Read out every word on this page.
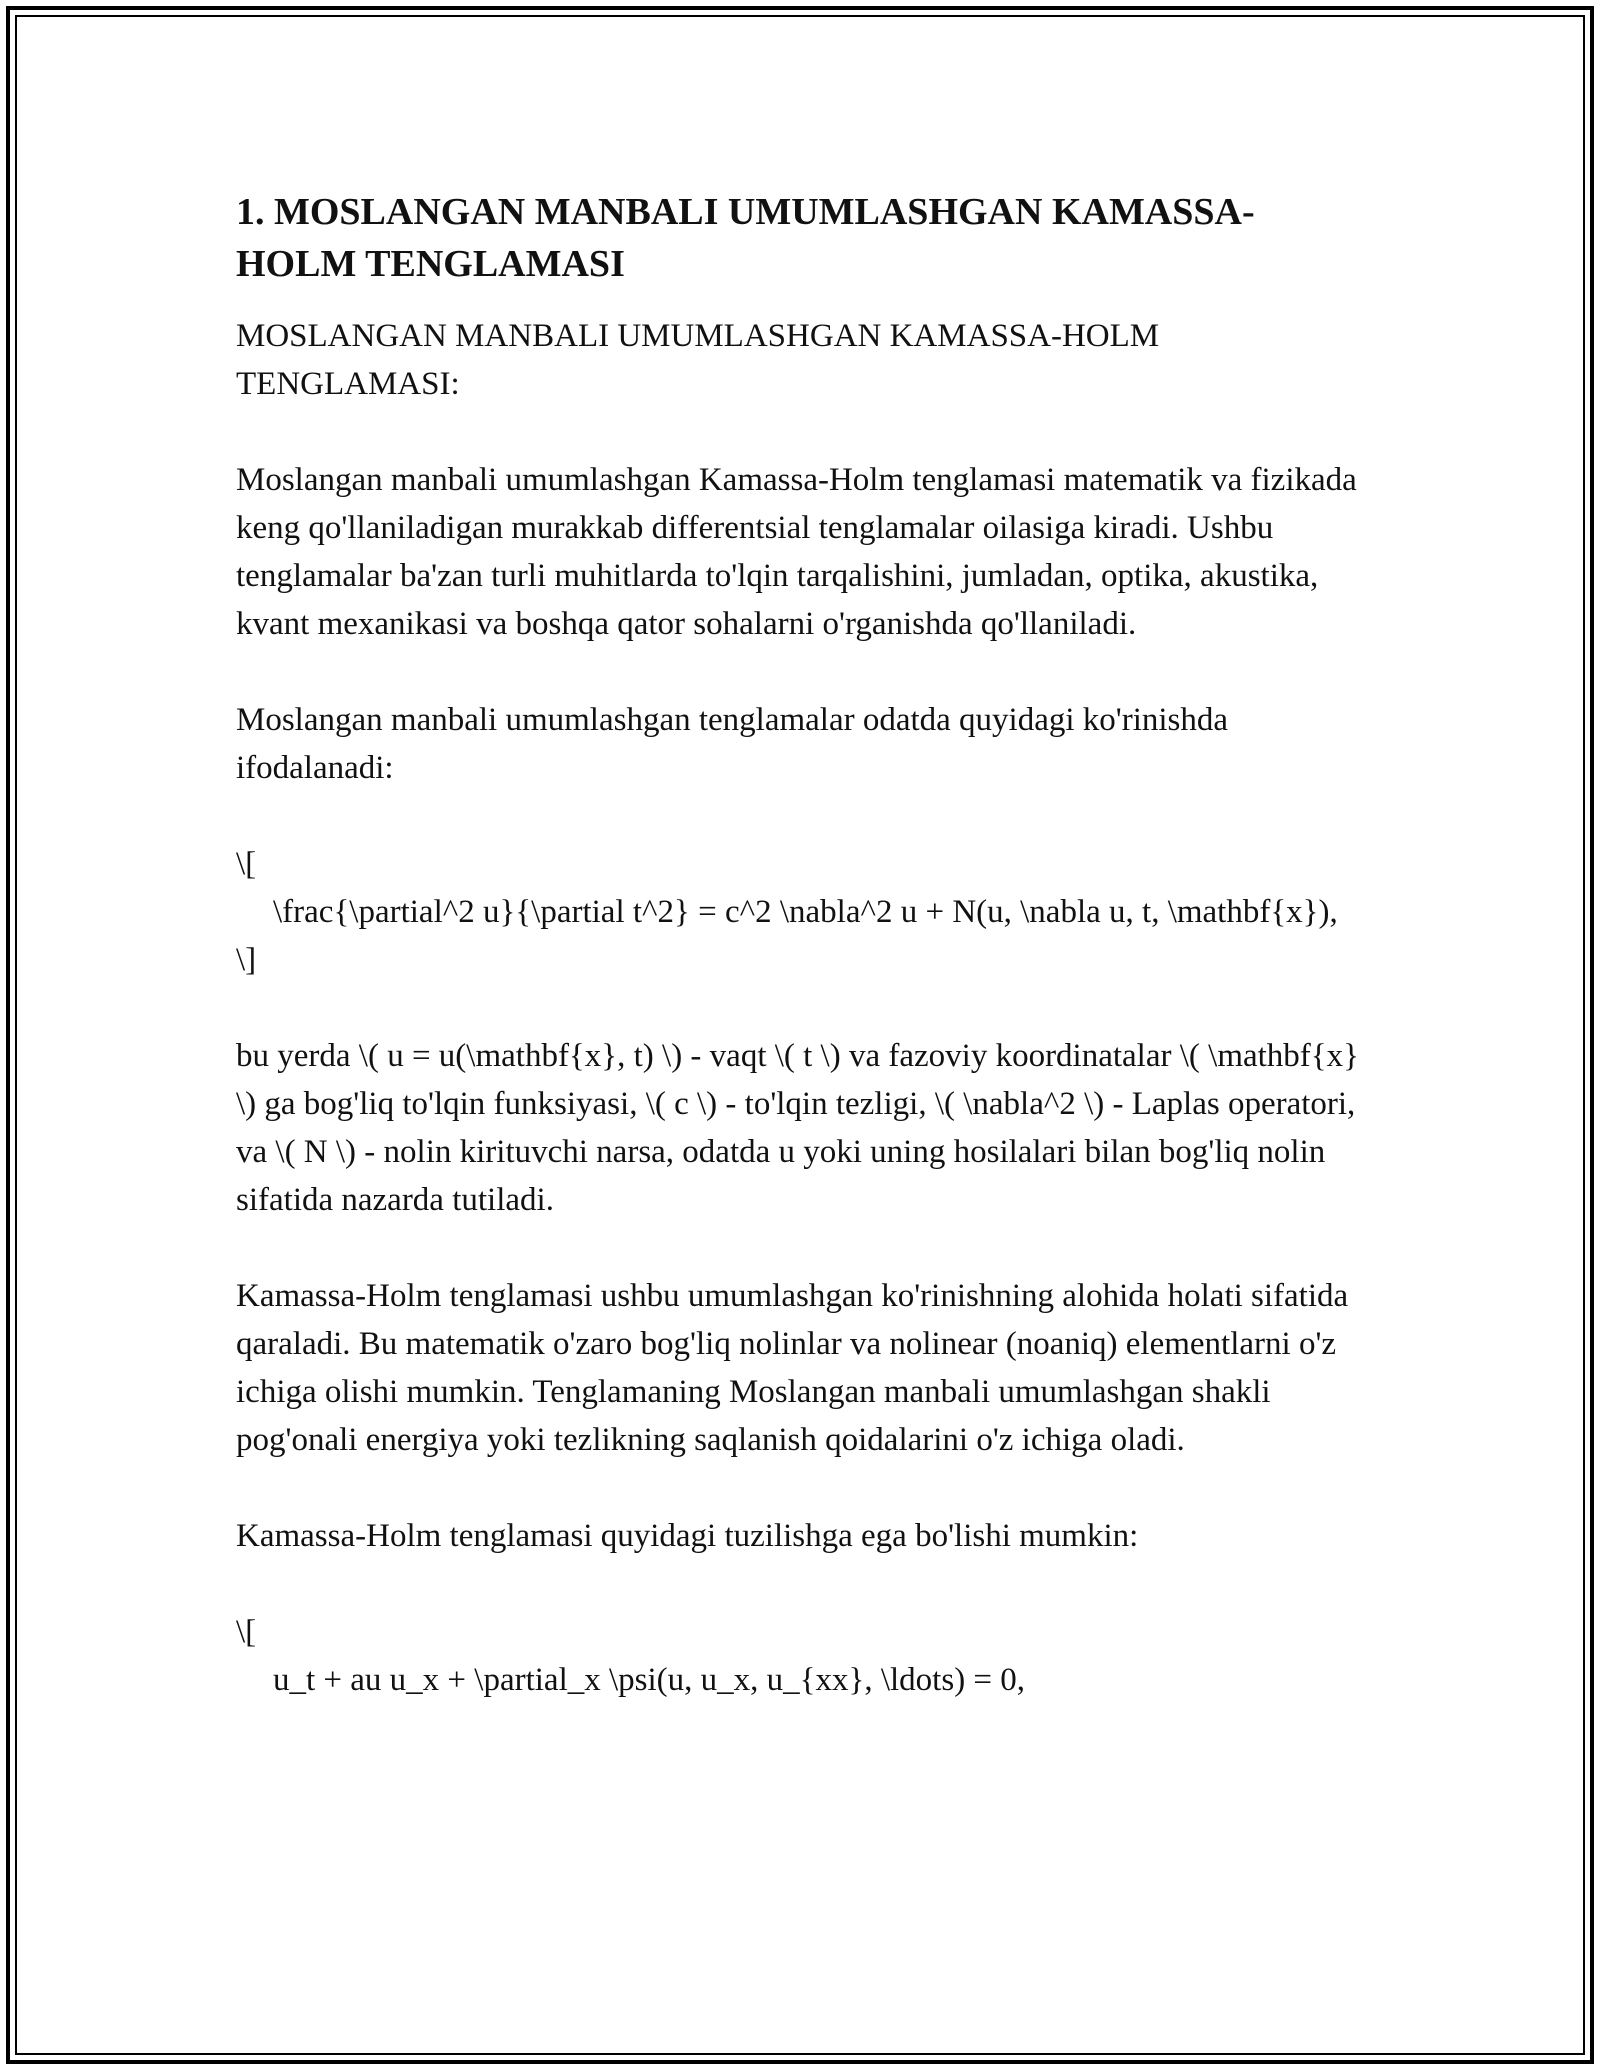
1. MOSLANGAN MANBALI UMUMLASHGAN KAMASSA-HOLM TENGLAMASI

MOSLANGAN MANBALI UMUMLASHGAN KAMASSA-HOLM TENGLAMASI:

Moslangan manbali umumlashgan Kamassa-Holm tenglamasi matematik va fizikada keng qo'llaniladigan murakkab differentsial tenglamalar oilasiga kiradi. Ushbu tenglamalar ba'zan turli muhitlarda to'lqin tarqalishini, jumladan, optika, akustika, kvant mexanikasi va boshqa qator sohalarni o'rganishda qo'llaniladi.

Moslangan manbali umumlashgan tenglamalar odatda quyidagi ko'rinishda ifodalanadi:

\[

\frac{\partial^2 u}{\partial t^2} = c^2 \nabla^2 u + N(u, \nabla u, t, \mathbf{x}),

\]

bu yerda \( u = u(\mathbf{x}, t) \) - vaqt \( t \) va fazoviy koordinatalar \( \mathbf{x} \) ga bog'liq to'lqin funksiyasi, \( c \) - to'lqin tezligi, \( \nabla^2 \) - Laplas operatori, va \( N \) - nolin kirituvchi narsa, odatda u yoki uning hosilalari bilan bog'liq nolin sifatida nazarda tutiladi.

Kamassa-Holm tenglamasi ushbu umumlashgan ko'rinishning alohida holati sifatida qaraladi. Bu matematik o'zaro bog'liq nolinlar va nolinear (noaniq) elementlarni o'z ichiga olishi mumkin. Tenglamaning Moslangan manbali umumlashgan shakli pog'onali energiya yoki tezlikning saqlanish qoidalarini o'z ichiga oladi.

Kamassa-Holm tenglamasi quyidagi tuzilishga ega bo'lishi mumkin:

\[

u_t + au u_x + \partial_x \psi(u, u_x, u_{xx}, \ldots) = 0,
